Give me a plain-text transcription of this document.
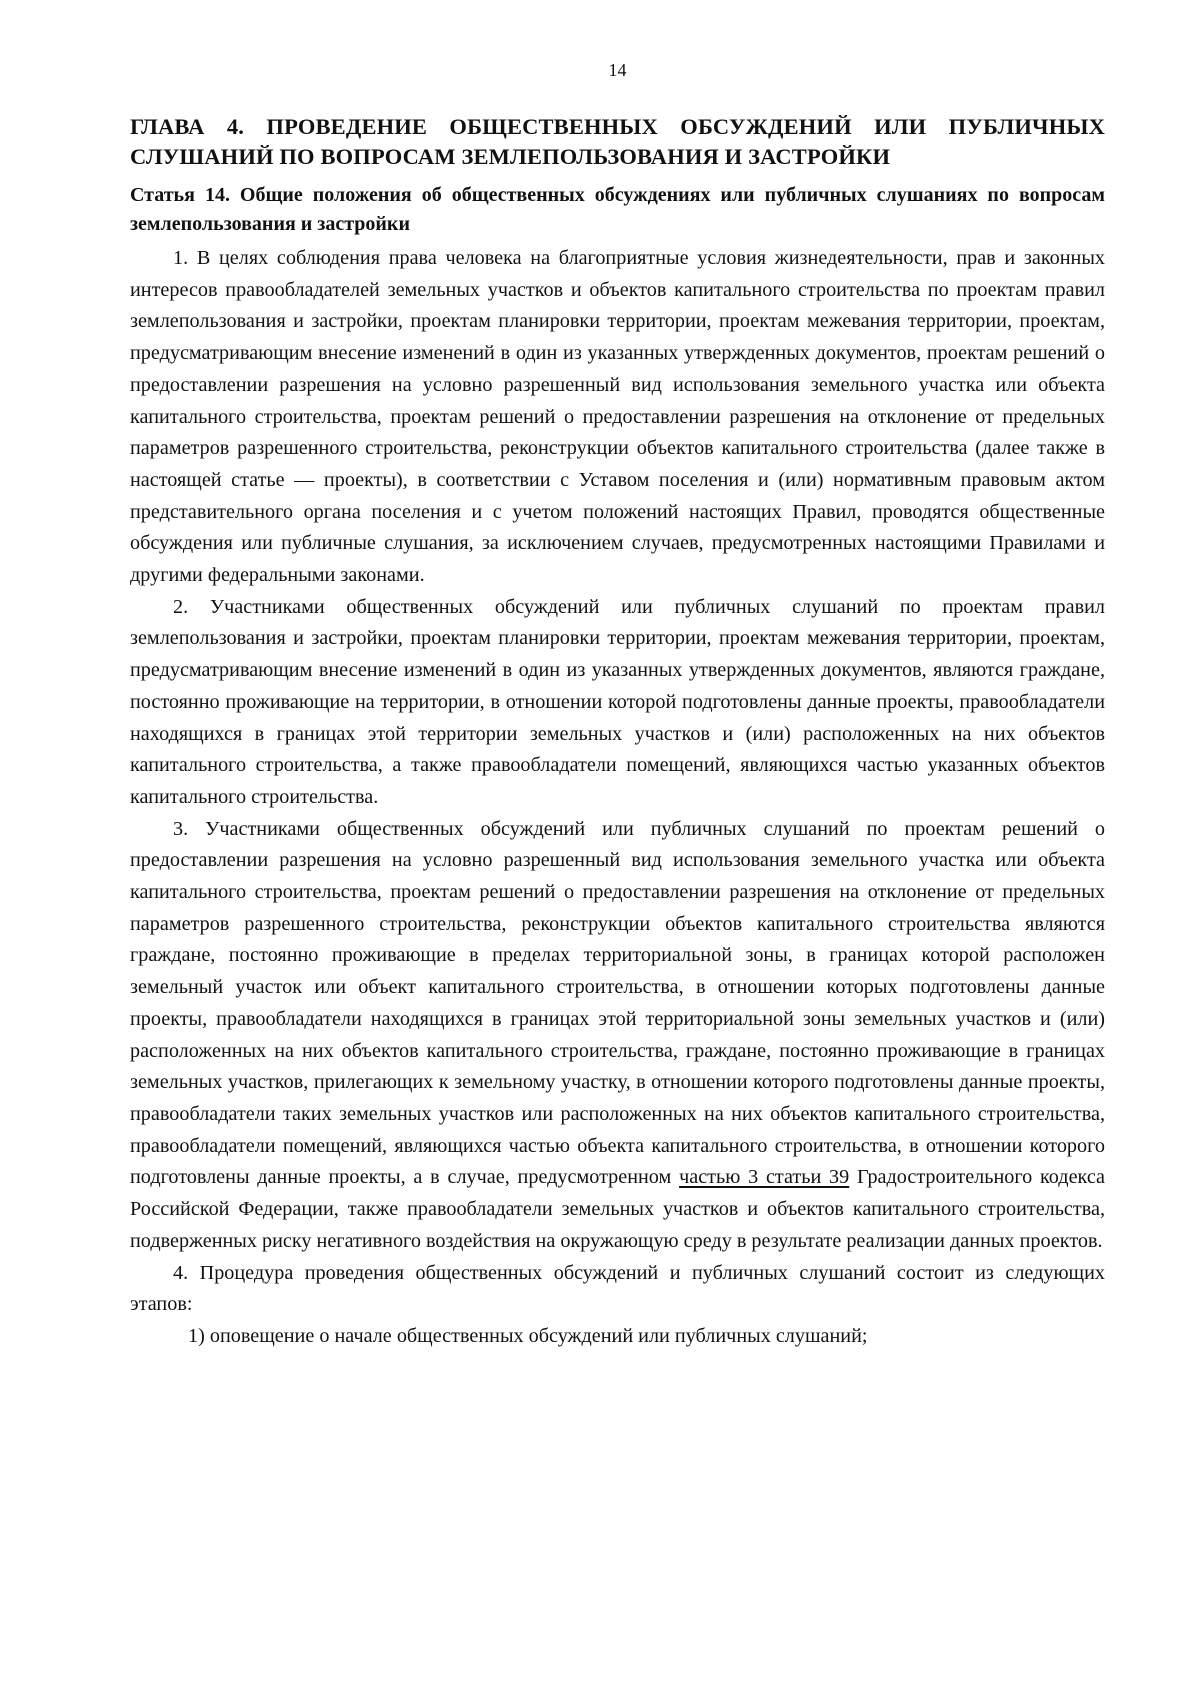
14
ГЛАВА 4. ПРОВЕДЕНИЕ ОБЩЕСТВЕННЫХ ОБСУЖДЕНИЙ ИЛИ ПУБЛИЧНЫХ СЛУШАНИЙ ПО ВОПРОСАМ ЗЕМЛЕПОЛЬЗОВАНИЯ И ЗАСТРОЙКИ
Статья 14. Общие положения об общественных обсуждениях или публичных слушаниях по вопросам землепользования и застройки

1. В целях соблюдения права человека на благоприятные условия жизнедеятельности, прав и законных интересов правообладателей земельных участков и объектов капитального строительства по проектам правил землепользования и застройки, проектам планировки территории, проектам межевания территории, проектам, предусматривающим внесение изменений в один из указанных утвержденных документов, проектам решений о предоставлении разрешения на условно разрешенный вид использования земельного участка или объекта капитального строительства, проектам решений о предоставлении разрешения на отклонение от предельных параметров разрешенного строительства, реконструкции объектов капитального строительства (далее также в настоящей статье — проекты), в соответствии с Уставом поселения и (или) нормативным правовым актом представительного органа поселения и с учетом положений настоящих Правил, проводятся общественные обсуждения или публичные слушания, за исключением случаев, предусмотренных настоящими Правилами и другими федеральными законами.

2. Участниками общественных обсуждений или публичных слушаний по проектам правил землепользования и застройки, проектам планировки территории, проектам межевания территории, проектам, предусматривающим внесение изменений в один из указанных утвержденных документов, являются граждане, постоянно проживающие на территории, в отношении которой подготовлены данные проекты, правообладатели находящихся в границах этой территории земельных участков и (или) расположенных на них объектов капитального строительства, а также правообладатели помещений, являющихся частью указанных объектов капитального строительства.

3. Участниками общественных обсуждений или публичных слушаний по проектам решений о предоставлении разрешения на условно разрешенный вид использования земельного участка или объекта капитального строительства, проектам решений о предоставлении разрешения на отклонение от предельных параметров разрешенного строительства, реконструкции объектов капитального строительства являются граждане, постоянно проживающие в пределах территориальной зоны, в границах которой расположен земельный участок или объект капитального строительства, в отношении которых подготовлены данные проекты, правообладатели находящихся в границах этой территориальной зоны земельных участков и (или) расположенных на них объектов капитального строительства, граждане, постоянно проживающие в границах земельных участков, прилегающих к земельному участку, в отношении которого подготовлены данные проекты, правообладатели таких земельных участков или расположенных на них объектов капитального строительства, правообладатели помещений, являющихся частью объекта капитального строительства, в отношении которого подготовлены данные проекты, а в случае, предусмотренном частью 3 статьи 39 Градостроительного кодекса Российской Федерации, также правообладатели земельных участков и объектов капитального строительства, подверженных риску негативного воздействия на окружающую среду в результате реализации данных проектов.

4. Процедура проведения общественных обсуждений и публичных слушаний состоит из следующих этапов:

1) оповещение о начале общественных обсуждений или публичных слушаний;
